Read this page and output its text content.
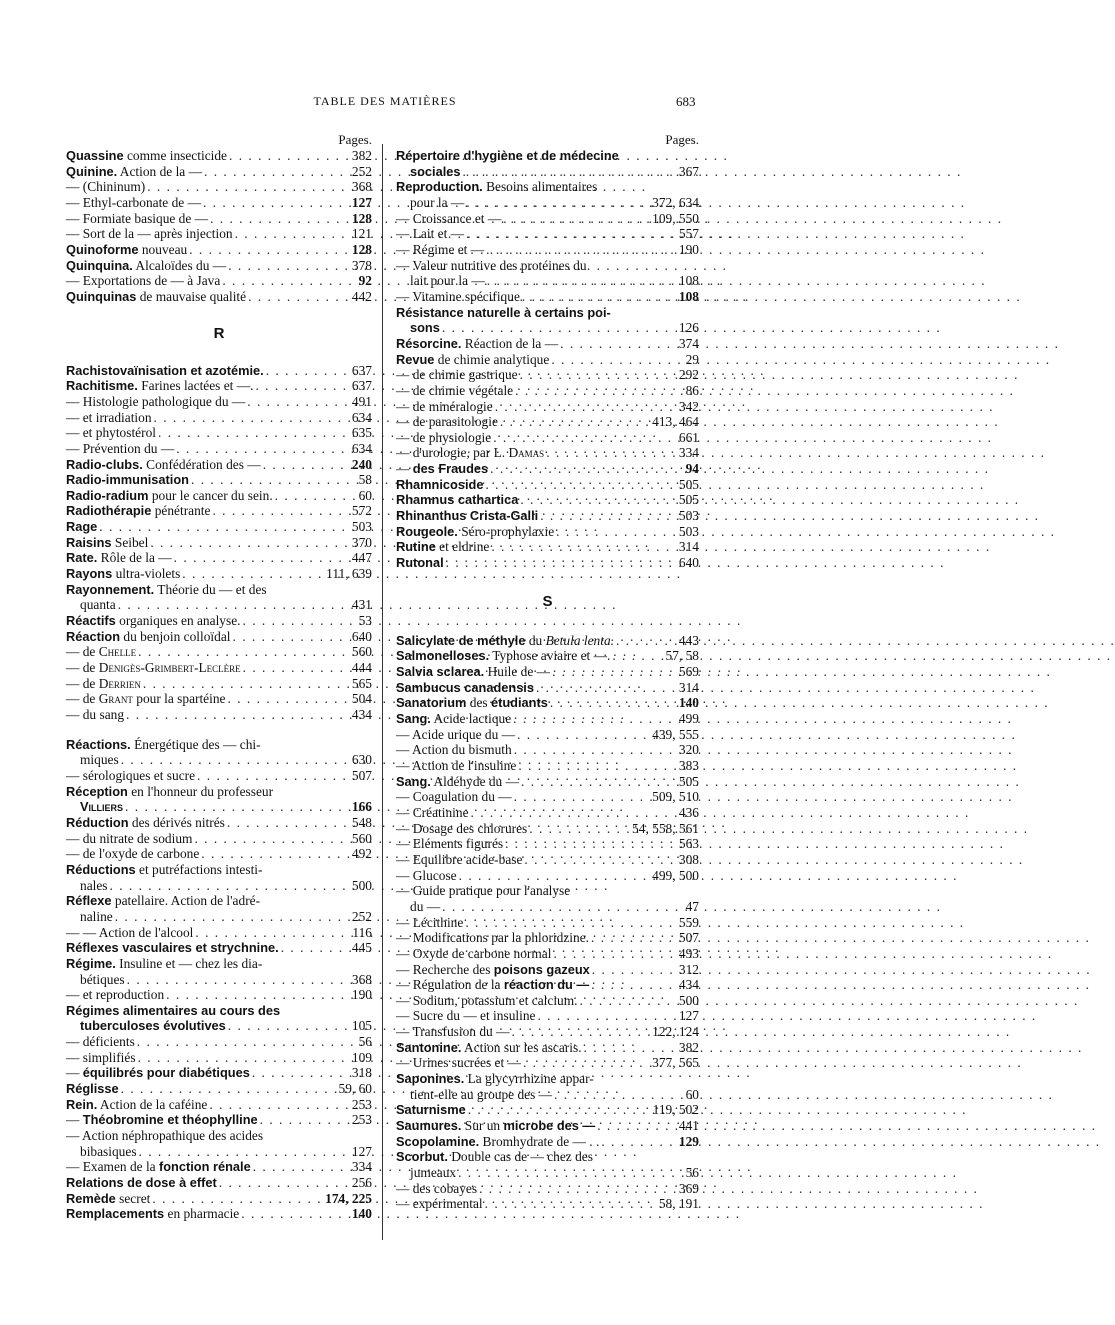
TABLE DES MATIÈRES	683
Pages.
Quassine comme insecticide . . .	382
Quinine. Action de la — . . .	252
— (Chininum) . . .	368
— Ethyl-carbonate de — . . .	127
— Formiate basique de — . . .	128
— Sort de la — après injection . . .	121
Quinoforme nouveau . . .	128
Quinquina. Alcaloïdes du — . . .	378
— Exportations de — à Java . . .	92
Quinquinas de mauvaise qualité . . .	442
R
Rachistovaïnisation et azotémie. . . .	637
Rachitisme. Farines lactées et —. . . .	637
— Histologie pathologique du — . . .	491
— et irradiation . . .	634
— et phytostérol . . .	635
— Prévention du — . . .	634
Radio-clubs. Confédération des — . . .	240
Radio-immunisation . . .	58
Radio-radium pour le cancer du sein. . . .	60
Radiothérapie pénétrante . . .	572
Rage . . .	503
Raisins Seibel . . .	370
Rate. Rôle de la — . . .	447
Rayons ultra-violets . . .	111, 639
Rayonnement. Théorie du — et des
quanta . . .	431
Réactifs organiques en analyse. . . .	53
Réaction du benjoin colloïdal . . .	640
— de Chelle . . .	560
— de Denigès-Grimbert-Leclère . . .	444
— de Derrien . . .	565
— de Grant pour la spartéine . . .	504
— du sang . . .	434
Réactions. Énergétique des — chi-
miques . . .	630
— sérologiques et sucre . . .	507
Réception en l'honneur du professeur
Villiers . . .	166
Réduction des dérivés nitrés . . .	548
— du nitrate de sodium . . .	560
— de l'oxyde de carbone . . .	492
Réductions et putréfactions intesti-
nales . . .	500
Réflexe patellaire. Action de l'adré-
naline . . .	252
— — Action de l'alcool . . .	116
Réflexes vasculaires et strychnine. . . .	445
Régime. Insuline et — chez les dia-
bétiques . . .	368
— et reproduction . . .	190
Régimes alimentaires au cours des
tuberculoses évolutives . . .	105
— déficients . . .	56
— simplifiés . . .	109
— équilibrés pour diabétiques . . .	318
Réglisse . . .	59, 60
Rein. Action de la caféine . . .	253
— Théobromine et théophylline . . .	253
— Action néphropathique des acides
bibasiques . . .	127
— Examen de la fonction rénale . . .	334
Relations de dose à effet . . .	256
Remède secret . . .	174, 225
Remplacements en pharmacie . . .	140
Pages.
Répertoire d'hygiène et de médecine
sociales . . .	367
Reproduction. Besoins alimentaires
pour la — . . .	372, 634
— Croissance et — . . .	109, 550
— Lait et — . . .	557
— Régime et — . . .	190
— Valeur nutritive des protéines du
lait pour la — . . .	108
— Vitamine spécifique . . .	108
Résistance naturelle à certains poi-
sons . . .	126
Résorcine. Réaction de la — . . .	374
Revue de chimie analytique . . .	29
— de chimie gastrique . . .	292
— de chimie végétale . . .	86
— de minéralogie . . .	342
— de parasitologie . . .	413, 464
— de physiologie . . .	661
— d'urologie, par L. Damas . . .	334
— des Fraudes . . .	94
Rhamnicoside . . .	505
Rhamnus cathartica . . .	505
Rhinanthus Crista-Galli . . .	503
Rougeole. Séro-prophylaxie . . .	503
Rutine et eldrine . . .	314
Rutonal . . .	640
S
Salicylate de méthyle du Betula lenta. . . .	443
Salmonelloses. Typhose aviaire et —. . . .	57, 58
Salvia sclarea. Huile de — . . .	569
Sambucus canadensis . . .	314
Sanatorium des étudiants . . .	140
Sang. Acide lactique . . .	499
— Acide urique du — . . .	439, 555
— Action du bismuth . . .	320
— Action de l'insuline . . .	383
Sang. Aldéhyde du — . . .	505
— Coagulation du — . . .	509, 510
— Créatinine . . .	436
— Dosage des chlorures . . .	54, 558, 561
— Eléments figurés . . .	563
— Equilibre acide-base . . .	308
— Glucose . . .	499, 500
— Guide pratique pour l'analyse
du — . . .	47
— Lécithine . . .	559
— Modifications par la phloridzine. . . .	507
— Oxyde de carbone normal . . .	493
— Recherche des poisons gazeux . . .	312
— Régulation de la réaction du — . . .	434
— Sodium, potassium et calcium. . . .	500
— Sucre du — et insuline . . .	127
— Transfusion du — . . .	122, 124
Santonine. Action sur les ascaris. . . .	382
— Urines sucrées et — . . .	377, 565
Saponines. La glycyrrhizine appar-
tient-elle au groupe des — . . .	60
Saturnisme . . .	119, 502
Saumures. Sur un microbe des — . . .	441
Scopolamine. Bromhydrate de — . . . . .	129
Scorbut. Double cas de — chez des
jumeaux . . .	56
— des cobayes . . .	369
— expérimental . . .	58, 191
